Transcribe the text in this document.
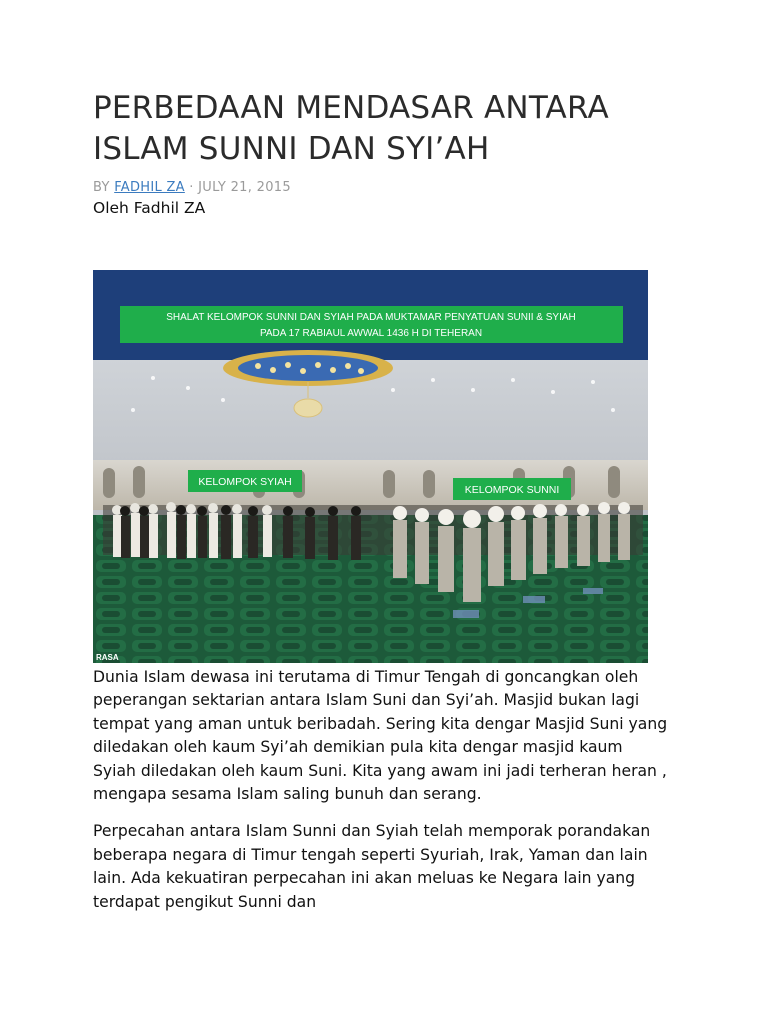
PERBEDAAN MENDASAR ANTARA ISLAM SUNNI DAN SYI’AH
BY FADHIL ZA · JULY 21, 2015
Oleh Fadhil ZA
SHALAT KELOMPOK SUNNI DAN SYIAH PADA MUKTAMAR PENYATUAN SUNII & SYIAH
PADA 17 RABIAUL AWWAL 1436 H DI TEHERAN
KELOMPOK SYIAH
KELOMPOK SUNNI
RASA

Dunia Islam dewasa ini terutama di Timur Tengah di goncangkan oleh peperangan sektarian antara Islam Suni dan Syi’ah. Masjid bukan lagi tempat yang aman untuk beribadah. Sering kita dengar Masjid Suni yang diledakan oleh kaum Syi’ah demikian pula kita dengar masjid kaum Syiah diledakan oleh kaum Suni. Kita yang awam ini jadi terheran heran , mengapa sesama Islam saling bunuh dan serang.

Perpecahan antara Islam Sunni dan Syiah telah memporak porandakan beberapa negara di Timur tengah seperti Syuriah, Irak, Yaman dan lain lain. Ada kekuatiran perpecahan ini akan meluas ke Negara lain yang terdapat pengikut Sunni dan
